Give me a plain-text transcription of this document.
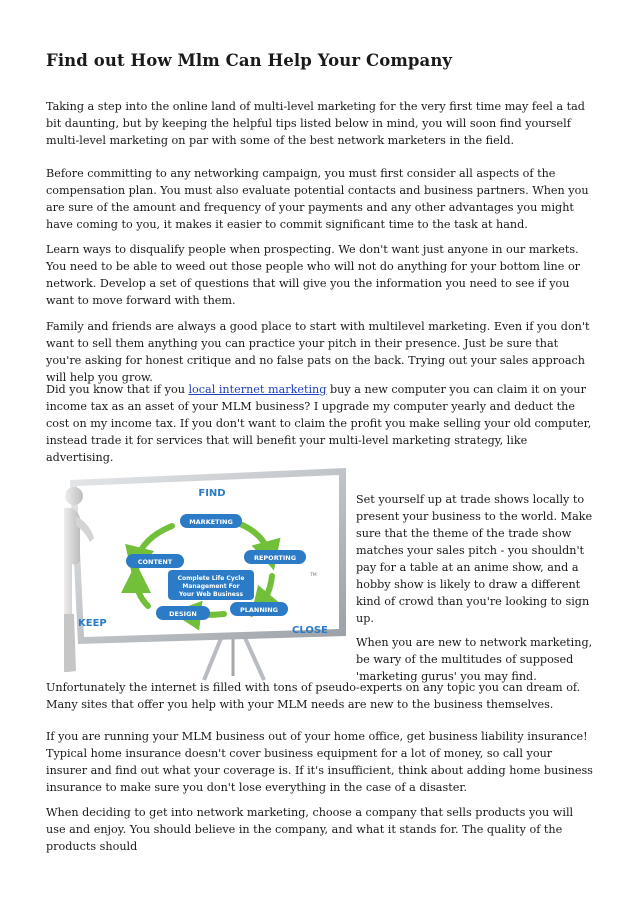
Find out How Mlm Can Help Your Company

Taking a step into the online land of multi-level marketing for the very first time may feel a tad bit daunting, but by keeping the helpful tips listed below in mind, you will soon find yourself multi-level marketing on par with some of the best network marketers in the field.

Before committing to any networking campaign, you must first consider all aspects of the compensation plan. You must also evaluate potential contacts and business partners. When you are sure of the amount and frequency of your payments and any other advantages you might have coming to you, it makes it easier to commit significant time to the task at hand.

Learn ways to disqualify people when prospecting. We don't want just anyone in our markets. You need to be able to weed out those people who will not do anything for your bottom line or network. Develop a set of questions that will give you the information you need to see if you want to move forward with them.

Family and friends are always a good place to start with multilevel marketing. Even if you don't want to sell them anything you can practice your pitch in their presence. Just be sure that you're asking for honest critique and no false pats on the back. Trying out your sales approach will help you grow.

Did you know that if you local internet marketing buy a new computer you can claim it on your income tax as an asset of your MLM business? I upgrade my computer yearly and deduct the cost on my income tax. If you don't want to claim the profit you make selling your old computer, instead trade it for services that will benefit your multi-level marketing strategy, like advertising.

Set yourself up at trade shows locally to present your business to the world. Make sure that the theme of the trade show matches your sales pitch - you shouldn't pay for a table at an anime show, and a hobby show is likely to draw a different kind of crowd than you're looking to sign up.

When you are new to network marketing, be wary of the multitudes of supposed 'marketing gurus' you may find.

Unfortunately the internet is filled with tons of pseudo-experts on any topic you can dream of. Many sites that offer you help with your MLM needs are new to the business themselves.

If you are running your MLM business out of your home office, get business liability insurance! Typical home insurance doesn't cover business equipment for a lot of money, so call your insurer and find out what your coverage is. If it's insufficient, think about adding home business insurance to make sure you don't lose everything in the case of a disaster.

When deciding to get into network marketing, choose a company that sells products you will use and enjoy. You should believe in the company, and what it stands for. The quality of the products should

FIND
KEEP
CLOSE
MARKETING
CONTENT	REPORTING
DESIGN	PLANNING
Complete Life Cycle
Management For
Your Web Business
TM
